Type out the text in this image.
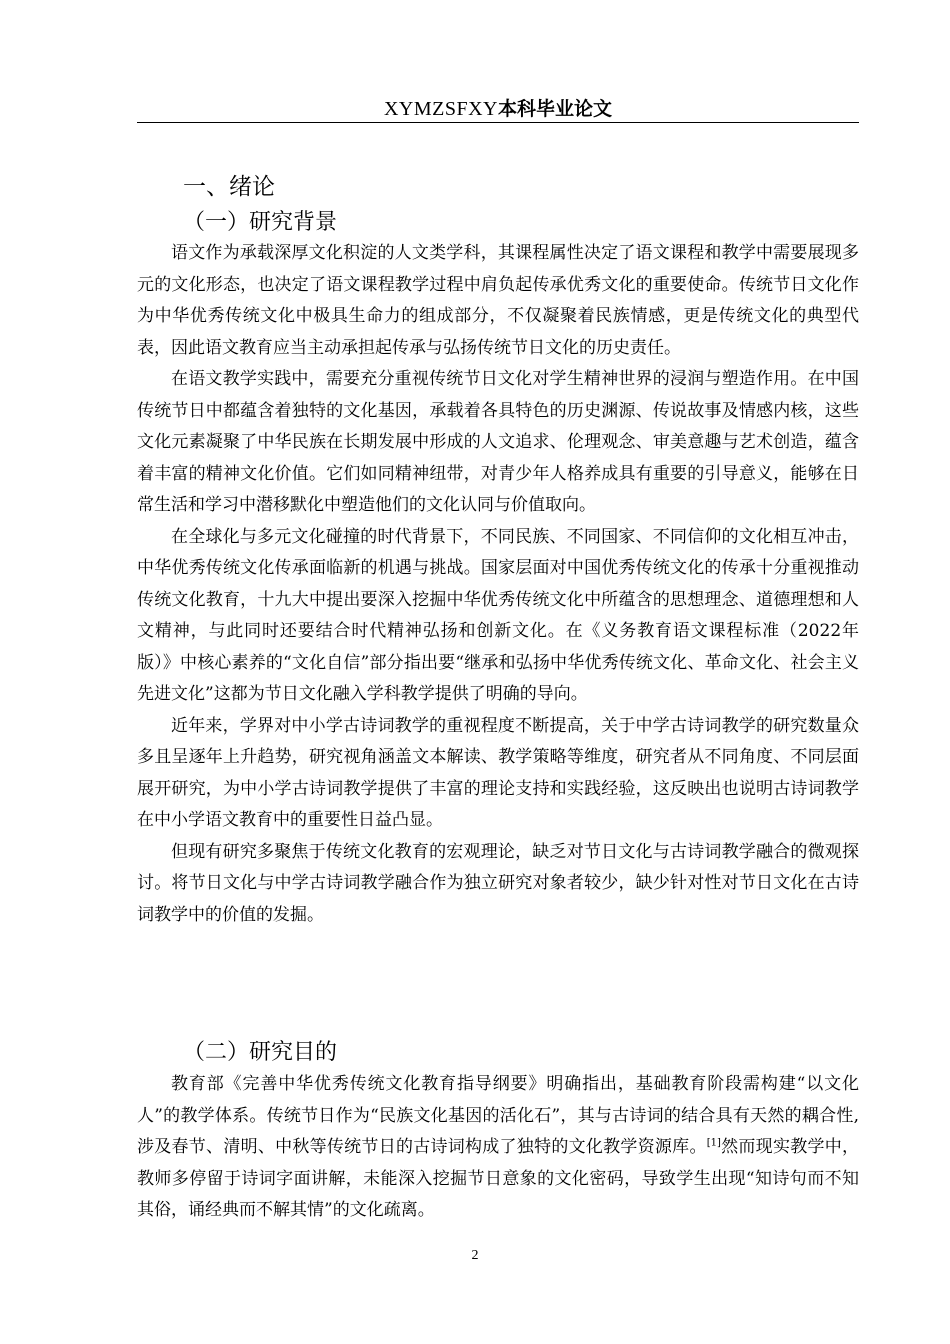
XYMZSFXY本科毕业论文
一、绪论
（一）研究背景

语文作为承载深厚文化积淀的人文类学科，其课程属性决定了语文课程和教学中需要展现多元的文化形态，也决定了语文课程教学过程中肩负起传承优秀文化的重要使命。传统节日文化作为中华优秀传统文化中极具生命力的组成部分，不仅凝聚着民族情感，更是传统文化的典型代表，因此语文教育应当主动承担起传承与弘扬传统节日文化的历史责任。

在语文教学实践中，需要充分重视传统节日文化对学生精神世界的浸润与塑造作用。在中国传统节日中都蕴含着独特的文化基因，承载着各具特色的历史渊源、传说故事及情感内核，这些文化元素凝聚了中华民族在长期发展中形成的人文追求、伦理观念、审美意趣与艺术创造，蕴含着丰富的精神文化价值。它们如同精神纽带，对青少年人格养成具有重要的引导意义，能够在日常生活和学习中潜移默化中塑造他们的文化认同与价值取向。

在全球化与多元文化碰撞的时代背景下，不同民族、不同国家、不同信仰的文化相互冲击，中华优秀传统文化传承面临新的机遇与挑战。国家层面对中国优秀传统文化的传承十分重视推动传统文化教育，十九大中提出要深入挖掘中华优秀传统文化中所蕴含的思想理念、道德理想和人文精神，与此同时还要结合时代精神弘扬和创新文化。在《义务教育语文课程标准（2022年版）》中核心素养的“文化自信”部分指出要“继承和弘扬中华优秀传统文化、革命文化、社会主义先进文化”这都为节日文化融入学科教学提供了明确的导向。

近年来，学界对中小学古诗词教学的重视程度不断提高，关于中学古诗词教学的研究数量众多且呈逐年上升趋势，研究视角涵盖文本解读、教学策略等维度，研究者从不同角度、不同层面展开研究，为中小学古诗词教学提供了丰富的理论支持和实践经验，这反映出也说明古诗词教学在中小学语文教育中的重要性日益凸显。

但现有研究多聚焦于传统文化教育的宏观理论，缺乏对节日文化与古诗词教学融合的微观探讨。将节日文化与中学古诗词教学融合作为独立研究对象者较少，缺少针对性对节日文化在古诗词教学中的价值的发掘。

（二）研究目的

教育部《完善中华优秀传统文化教育指导纲要》明确指出，基础教育阶段需构建“以文化人”的教学体系。传统节日作为“民族文化基因的活化石”，其与古诗词的结合具有天然的耦合性,涉及春节、清明、中秋等传统节日的古诗词构成了独特的文化教学资源库。[1]然而现实教学中，教师多停留于诗词字面讲解，未能深入挖掘节日意象的文化密码，导致学生出现“知诗句而不知其俗，诵经典而不解其情”的文化疏离。

2
